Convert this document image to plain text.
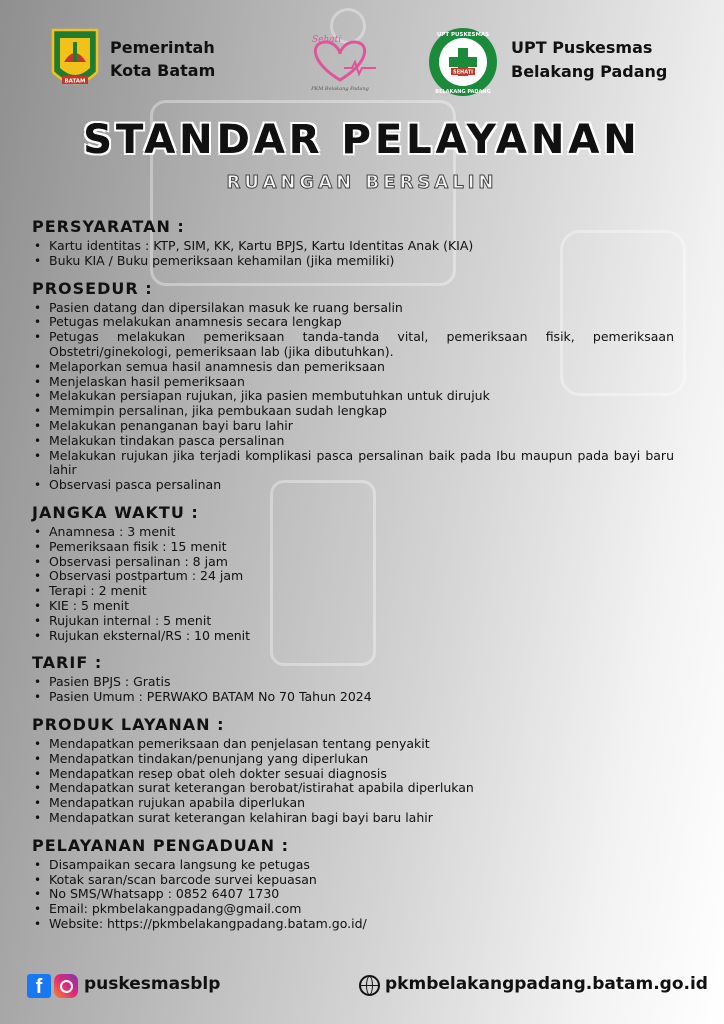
BATAM
Pemerintah
Kota Batam
Sehati
PKM Belakang Padang
SEHATI
UPT PUSKESMAS
BELAKANG PADANG
UPT Puskesmas
Belakang Padang
STANDAR PELAYANAN
RUANGAN BERSALIN
PERSYARATAN :
• Kartu identitas : KTP, SIM, KK, Kartu BPJS, Kartu Identitas Anak (KIA)
• Buku KIA / Buku pemeriksaan kehamilan (jika memiliki)
PROSEDUR :
• Pasien datang dan dipersilakan masuk ke ruang bersalin
• Petugas melakukan anamnesis secara lengkap
• Petugas melakukan pemeriksaan tanda-tanda vital, pemeriksaan fisik, pemeriksaan Obstetri/ginekologi, pemeriksaan lab (jika dibutuhkan).
• Melaporkan semua hasil anamnesis dan pemeriksaan
• Menjelaskan hasil pemeriksaan
• Melakukan persiapan rujukan, jika pasien membutuhkan untuk dirujuk
• Memimpin persalinan, jika pembukaan sudah lengkap
• Melakukan penanganan bayi baru lahir
• Melakukan tindakan pasca persalinan
• Melakukan rujukan jika terjadi komplikasi pasca persalinan baik pada Ibu maupun pada bayi baru lahir
• Observasi pasca persalinan
JANGKA WAKTU :
• Anamnesa : 3 menit
• Pemeriksaan fisik : 15 menit
• Observasi persalinan : 8 jam
• Observasi postpartum : 24 jam
• Terapi : 2 menit
• KIE : 5 menit
• Rujukan internal : 5 menit
• Rujukan eksternal/RS : 10 menit
TARIF :
• Pasien BPJS : Gratis
• Pasien Umum : PERWAKO BATAM No 70 Tahun 2024
PRODUK LAYANAN :
• Mendapatkan pemeriksaan dan penjelasan tentang penyakit
• Mendapatkan tindakan/penunjang yang diperlukan
• Mendapatkan resep obat oleh dokter sesuai diagnosis
• Mendapatkan surat keterangan berobat/istirahat apabila diperlukan
• Mendapatkan rujukan apabila diperlukan
• Mendapatkan surat keterangan kelahiran bagi bayi baru lahir
PELAYANAN PENGADUAN :
• Disampaikan secara langsung ke petugas
• Kotak saran/scan barcode survei kepuasan
• No SMS/Whatsapp : 0852 6407 1730
• Email: pkmbelakangpadang@gmail.com
• Website: https://pkmbelakangpadang.batam.go.id/
f	puskesmasblp	pkmbelakangpadang.batam.go.id
